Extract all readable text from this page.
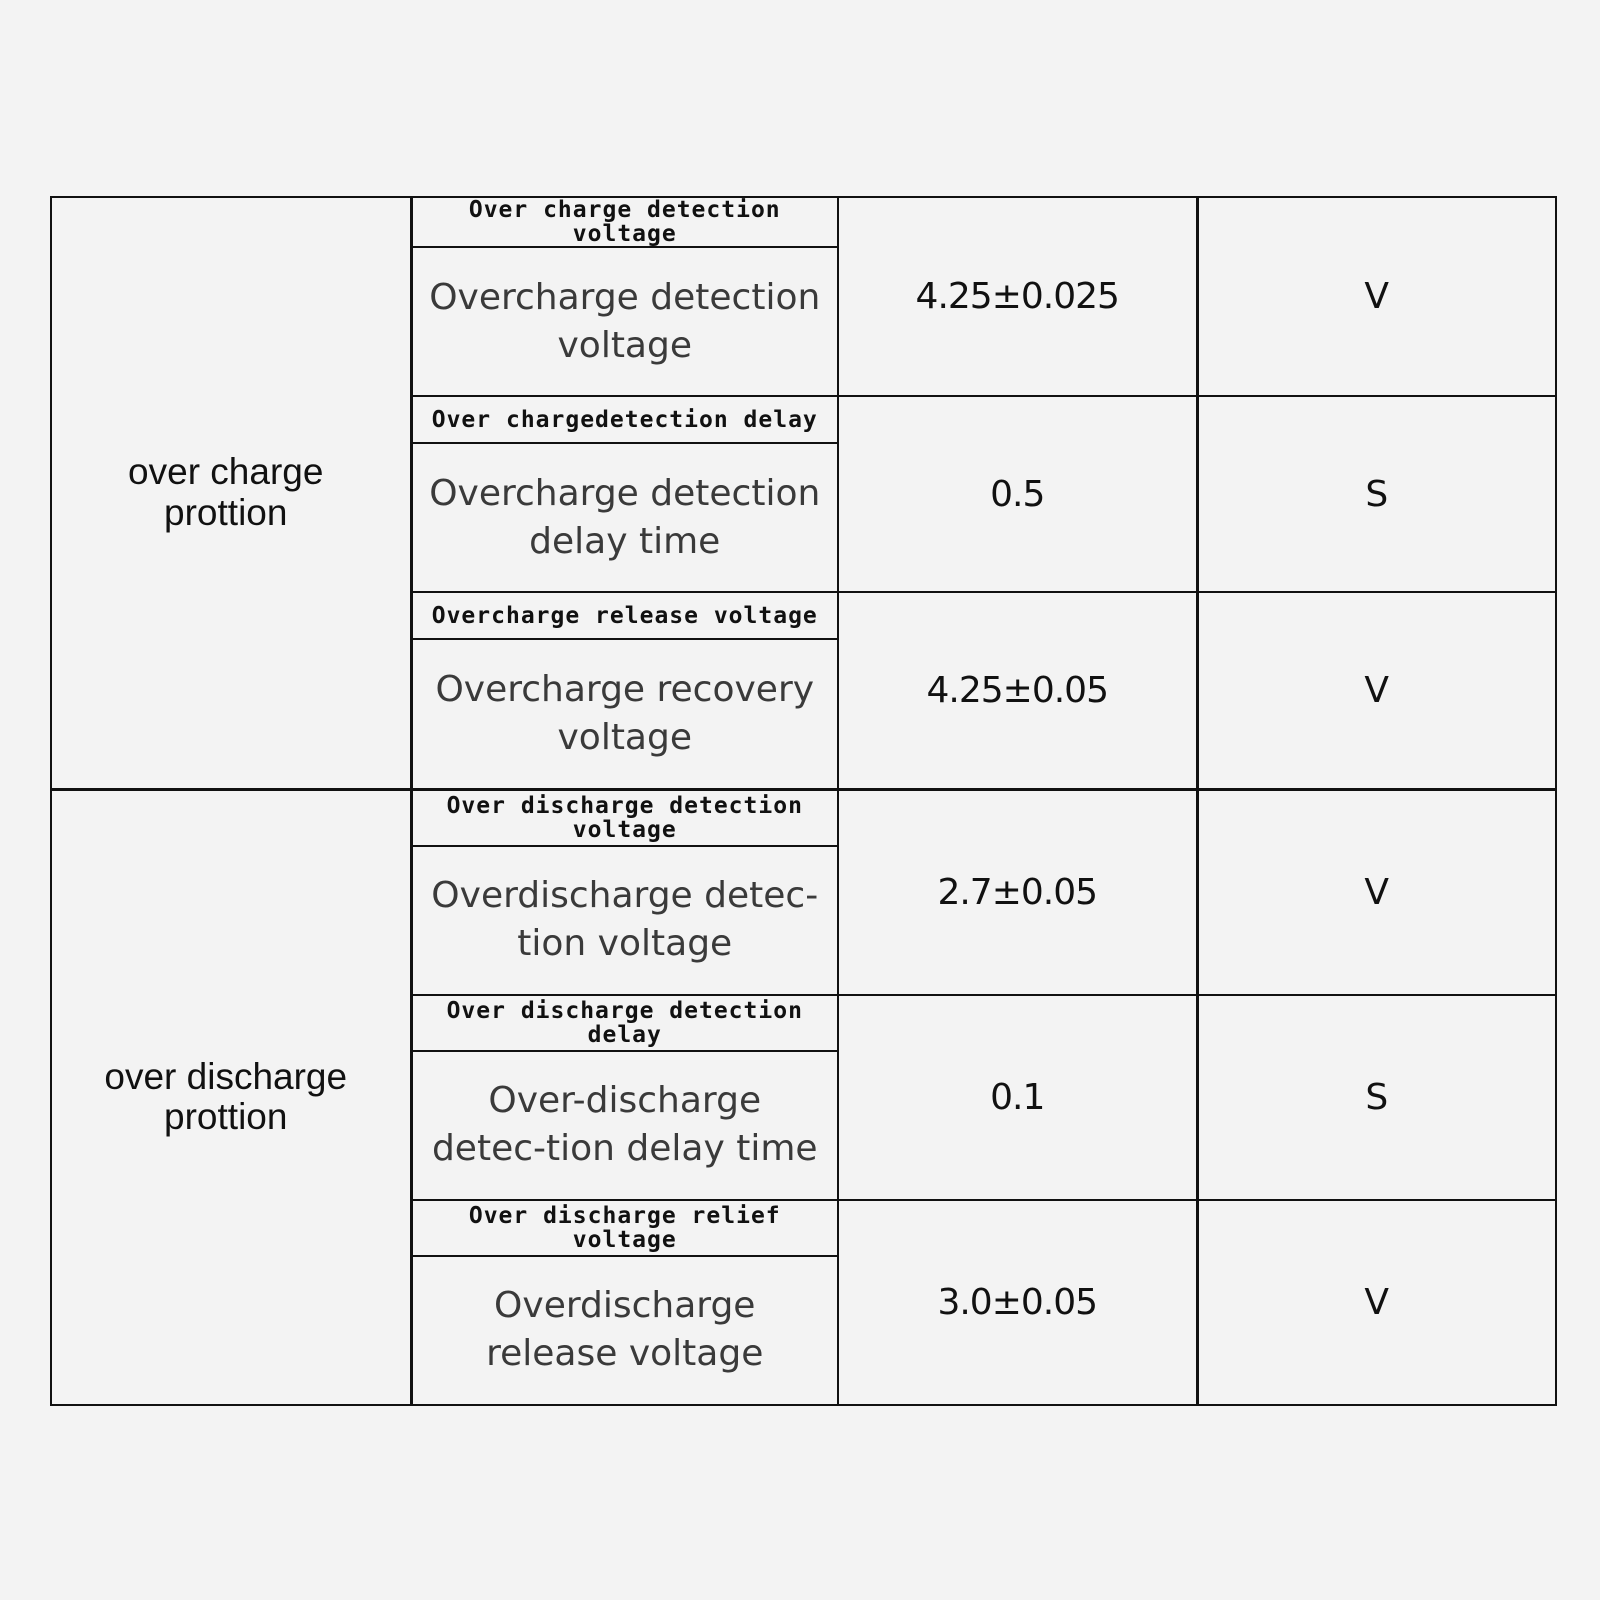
over charge prottion	Over charge detection voltage	4.25±0.025	V
	Overcharge detection voltage		
	Over chargedetection delay	0.5	S
	Overcharge detection delay time		
	Overcharge release voltage	4.25±0.05	V
	Overcharge recovery voltage		
over discharge prottion	Over discharge detection voltage	2.7±0.05	V
	Overdischarge detec-tion voltage		
	Over discharge detection delay	0.1	S
	Over-discharge detec-tion delay time		
	Over discharge relief voltage	3.0±0.05	V
	Overdischarge release voltage		
